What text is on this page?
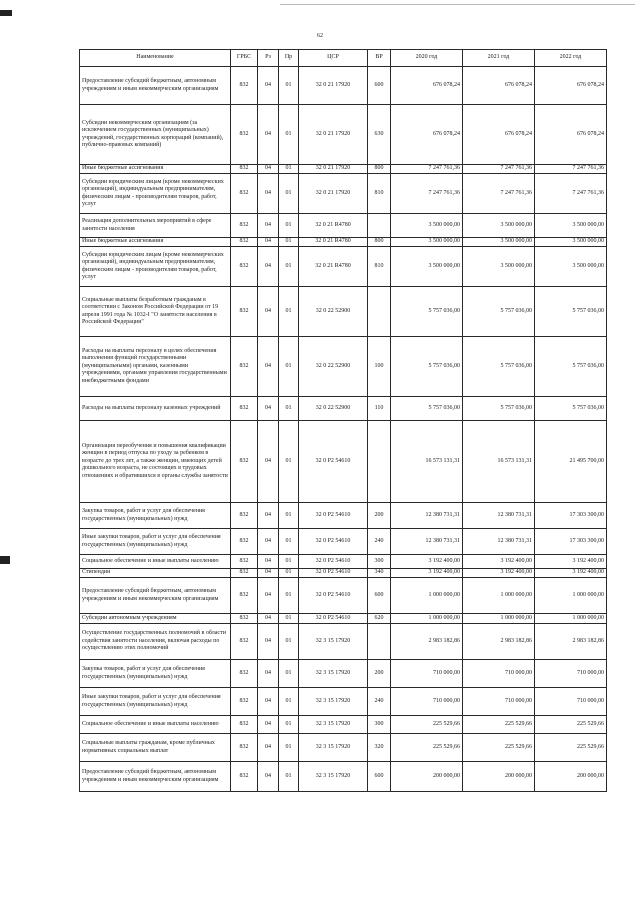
62
Наименование	ГРБС	Рз	Пр	ЦСР	ВР	2020 год	2021 год	2022 год
Предоставление субсидий бюджетным, автономным учреждениям и иным некоммерческим организациям	832	04	01	32 0 21 17920	600	676 078,24	676 078,24	676 078,24
Субсидии некоммерческим организациям (за исключением государственных (муниципальных) учреждений, государственных корпораций (компаний), публично-правовых компаний)	832	04	01	32 0 21 17920	630	676 078,24	676 078,24	676 078,24
Иные бюджетные ассигнования	832	04	01	32 0 21 17920	800	7 247 761,36	7 247 761,36	7 247 761,36
Субсидии юридическим лицам (кроме некоммерческих организаций), индивидуальным предпринимателям, физическим лицам - производителям товаров, работ, услуг	832	04	01	32 0 21 17920	810	7 247 761,36	7 247 761,36	7 247 761,36
Реализация дополнительных мероприятий в сфере занятости населения	832	04	01	32 0 21 R4780		3 500 000,00	3 500 000,00	3 500 000,00
Иные бюджетные ассигнования	832	04	01	32 0 21 R4780	800	3 500 000,00	3 500 000,00	3 500 000,00
Субсидии юридическим лицам (кроме некоммерческих организаций), индивидуальным предпринимателям, физическим лицам - производителям товаров, работ, услуг	832	04	01	32 0 21 R4780	810	3 500 000,00	3 500 000,00	3 500 000,00
Социальные выплаты безработным гражданам в соответствии с Законом Российской Федерации от 19 апреля 1991 года № 1032-I "О занятости населения в Российской Федерации"	832	04	01	32 0 22 52900		5 757 036,00	5 757 036,00	5 757 036,00
Расходы на выплаты персоналу в целях обеспечения выполнения функций государственными (муниципальными) органами, казенными учреждениями, органами управления государственными внебюджетными фондами	832	04	01	32 0 22 52900	100	5 757 036,00	5 757 036,00	5 757 036,00
Расходы на выплаты персоналу казенных учреждений	832	04	01	32 0 22 52900	110	5 757 036,00	5 757 036,00	5 757 036,00
Организация переобучения и повышения квалификации женщин в период отпуска по уходу за ребенком в возрасте до трех лет, а также женщин, имеющих детей дошкольного возраста, не состоящих в трудовых отношениях и обратившихся в органы службы занятости	832	04	01	32 0 P2 54610		16 573 131,31	16 573 131,31	21 495 700,00
Закупка товаров, работ и услуг для обеспечения государственных (муниципальных) нужд	832	04	01	32 0 P2 54610	200	12 380 731,31	12 380 731,31	17 303 300,00
Иные закупки товаров, работ и услуг для обеспечения государственных (муниципальных) нужд	832	04	01	32 0 P2 54610	240	12 380 731,31	12 380 731,31	17 303 300,00
Социальное обеспечение и иные выплаты населению	832	04	01	32 0 P2 54610	300	3 192 400,00	3 192 400,00	3 192 400,00
Стипендии	832	04	01	32 0 P2 54610	340	3 192 400,00	3 192 400,00	3 192 400,00
Предоставление субсидий бюджетным, автономным учреждениям и иным некоммерческим организациям	832	04	01	32 0 P2 54610	600	1 000 000,00	1 000 000,00	1 000 000,00
Субсидии автономным учреждениям	832	04	01	32 0 P2 54610	620	1 000 000,00	1 000 000,00	1 000 000,00
Осуществление государственных полномочий в области содействия занятости населения, включая расходы по осуществлению этих полномочий	832	04	01	32 3 15 17920		2 983 182,86	2 983 182,86	2 983 182,86
Закупка товаров, работ и услуг для обеспечения государственных (муниципальных) нужд	832	04	01	32 3 15 17920	200	710 000,00	710 000,00	710 000,00
Иные закупки товаров, работ и услуг для обеспечения государственных (муниципальных) нужд	832	04	01	32 3 15 17920	240	710 000,00	710 000,00	710 000,00
Социальное обеспечение и иные выплаты населению	832	04	01	32 3 15 17920	300	225 529,66	225 529,66	225 529,66
Социальные выплаты гражданам, кроме публичных нормативных социальных выплат	832	04	01	32 3 15 17920	320	225 529,66	225 529,66	225 529,66
Предоставление субсидий бюджетным, автономным учреждениям и иным некоммерческим организациям	832	04	01	32 3 15 17920	600	200 000,00	200 000,00	200 000,00
